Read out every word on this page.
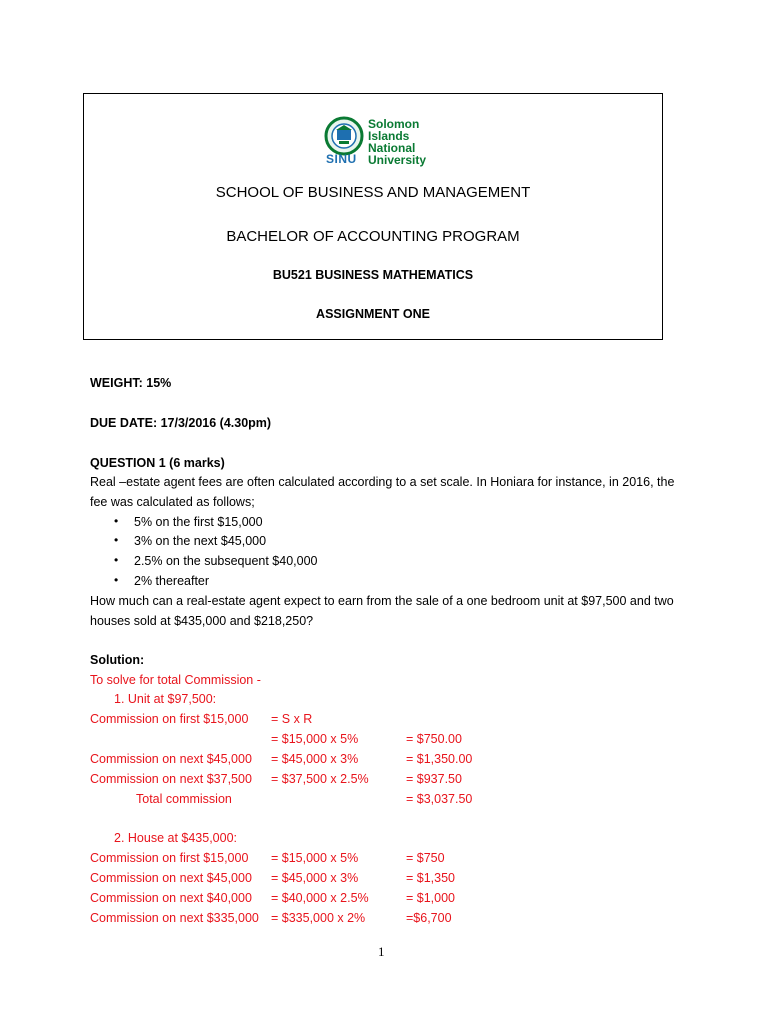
SINU
Solomon
Islands
National
University
SCHOOL OF BUSINESS AND MANAGEMENT
BACHELOR OF ACCOUNTING PROGRAM
BU521 BUSINESS MATHEMATICS
ASSIGNMENT ONE
WEIGHT: 15%
DUE DATE: 17/3/2016 (4.30pm)
QUESTION 1 (6 marks)
Real –estate agent fees are often calculated according to a set scale. In Honiara for instance, in 2016, the
fee was calculated as follows;
• 5% on the first $15,000
• 3% on the next $45,000
• 2.5% on the subsequent $40,000
• 2% thereafter
How much can a real-estate agent expect to earn from the sale of a one bedroom unit at $97,500 and two
houses sold at $435,000 and $218,250?
Solution:
To solve for total Commission -
1. Unit at $97,500:
Commission on first $15,000 = S x R
= $15,000 x 5%	= $750.00
Commission on next $45,000 = $45,000 x 3%	= $1,350.00
Commission on next $37,500 = $37,500 x 2.5%	= $937.50
Total commission	= $3,037.50
2. House at $435,000:
Commission on first $15,000 = $15,000 x 5%	= $750
Commission on next $45,000 = $45,000 x 3%	= $1,350
Commission on next $40,000 = $40,000 x 2.5%	= $1,000
Commission on next $335,000 = $335,000 x 2%	=$6,700
1
